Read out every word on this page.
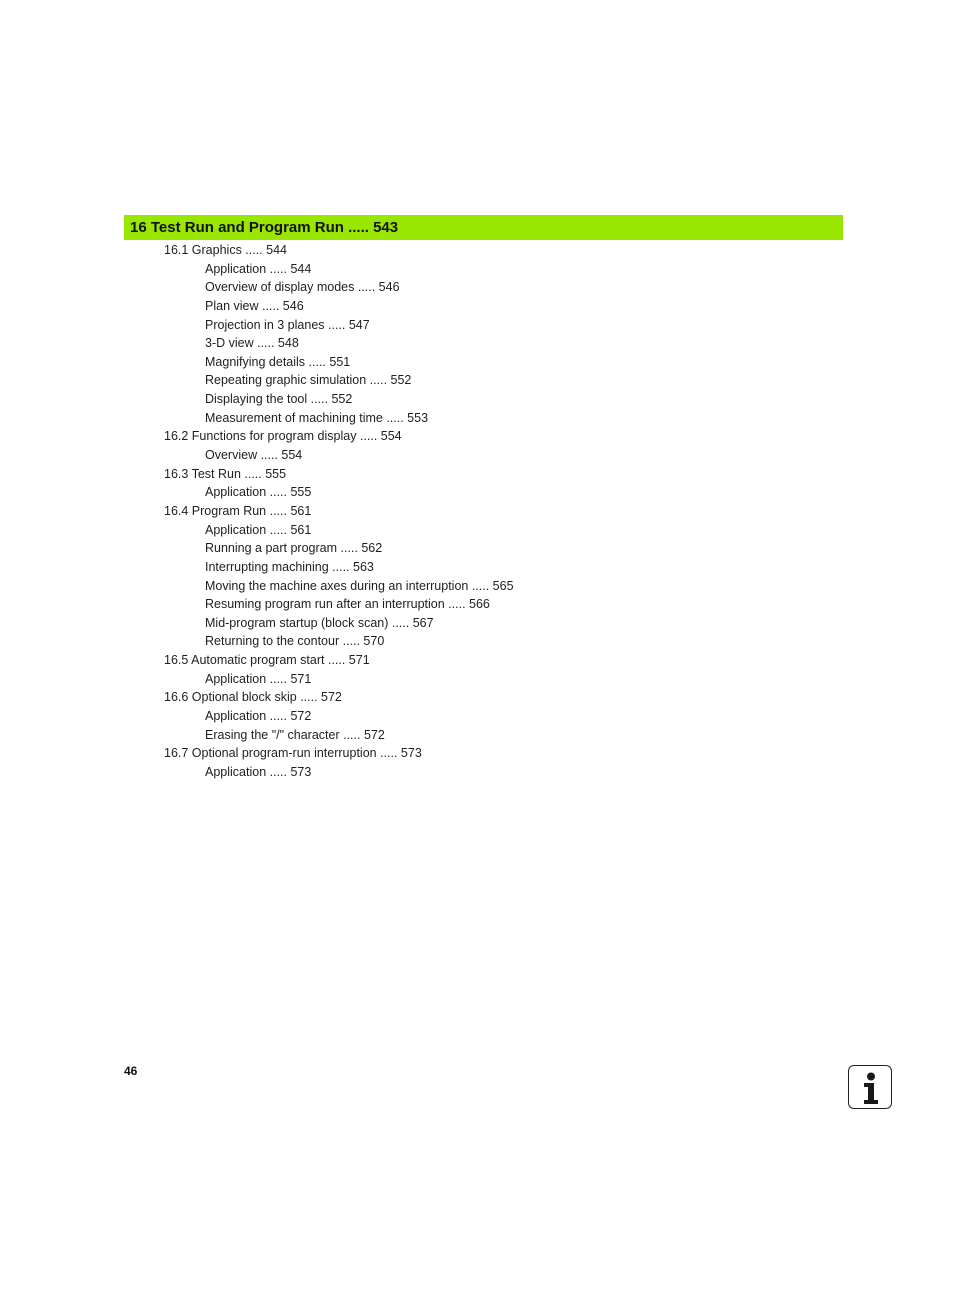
16 Test Run and Program Run ..... 543
16.1 Graphics ..... 544
Application ..... 544
Overview of display modes ..... 546
Plan view ..... 546
Projection in 3 planes ..... 547
3-D view ..... 548
Magnifying details ..... 551
Repeating graphic simulation ..... 552
Displaying the tool ..... 552
Measurement of machining time ..... 553
16.2 Functions for program display ..... 554
Overview ..... 554
16.3 Test Run ..... 555
Application ..... 555
16.4 Program Run ..... 561
Application ..... 561
Running a part program ..... 562
Interrupting machining ..... 563
Moving the machine axes during an interruption ..... 565
Resuming program run after an interruption ..... 566
Mid-program startup (block scan) ..... 567
Returning to the contour ..... 570
16.5 Automatic program start ..... 571
Application ..... 571
16.6 Optional block skip ..... 572
Application ..... 572
Erasing the "/" character ..... 572
16.7 Optional program-run interruption ..... 573
Application ..... 573
46
